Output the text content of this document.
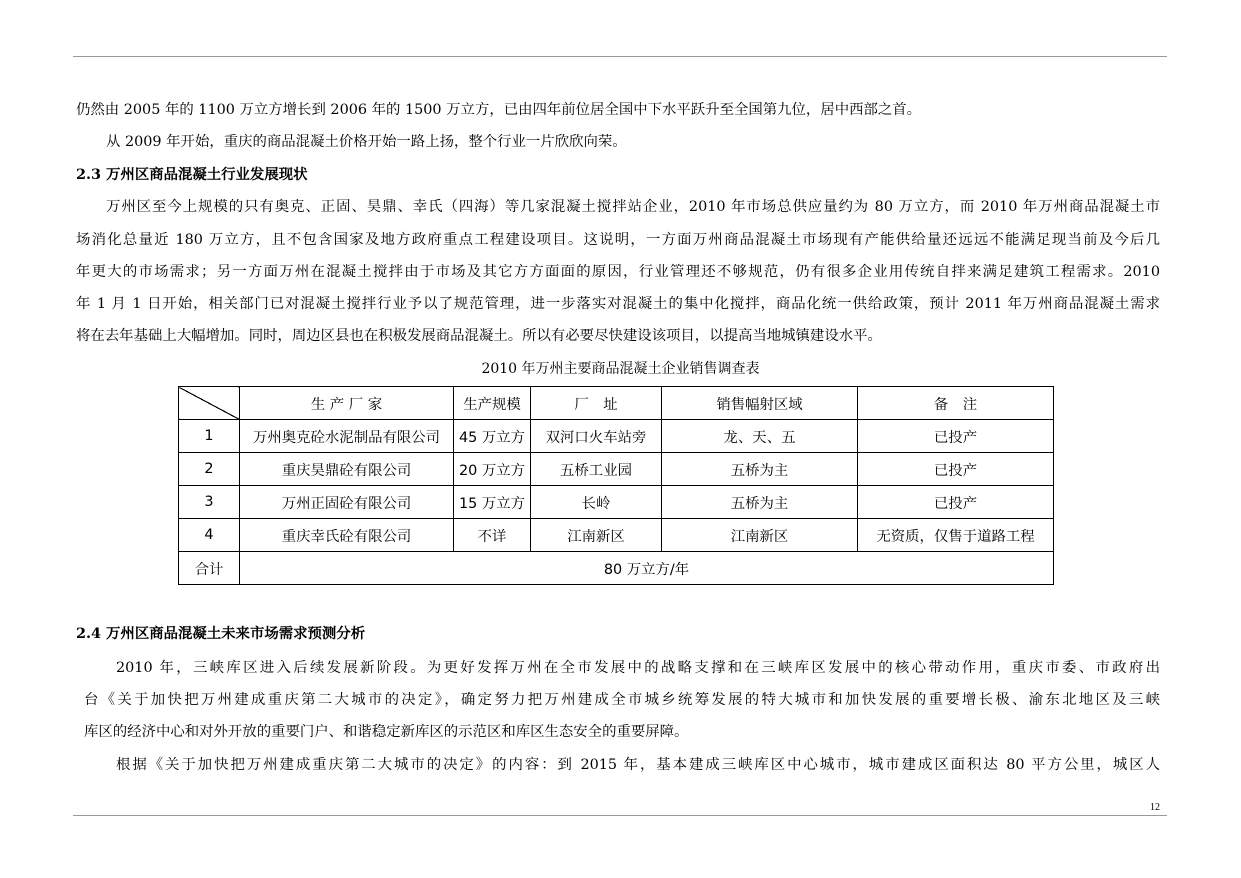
仍然由 2005 年的 1100 万立方增长到 2006 年的 1500 万立方，已由四年前位居全国中下水平跃升至全国第九位，居中西部之首。
从 2009 年开始，重庆的商品混凝土价格开始一路上扬，整个行业一片欣欣向荣。
2.3 万州区商品混凝土行业发展现状
万州区至今上规模的只有奥克、正固、昊鼎、幸氏（四海）等几家混凝土搅拌站企业，2010 年市场总供应量约为 80 万立方，而 2010 年万州商品混凝土市
场消化总量近 180 万立方，且不包含国家及地方政府重点工程建设项目。这说明，一方面万州商品混凝土市场现有产能供给量还远远不能满足现当前及今后几
年更大的市场需求；另一方面万州在混凝土搅拌由于市场及其它方方面面的原因，行业管理还不够规范，仍有很多企业用传统自拌来满足建筑工程需求。2010
年 1 月 1 日开始，相关部门已对混凝土搅拌行业予以了规范管理，进一步落实对混凝土的集中化搅拌，商品化统一供给政策，预计 2011 年万州商品混凝土需求
将在去年基础上大幅增加。同时，周边区县也在积极发展商品混凝土。所以有必要尽快建设该项目，以提高当地城镇建设水平。
2010 年万州主要商品混凝土企业销售调查表
	生 产 厂 家	生产规模	厂　址	销售幅射区域	备　注
1	万州奥克砼水泥制品有限公司	45 万立方	双河口火车站旁	龙、天、五	已投产
2	重庆昊鼎砼有限公司	20 万立方	五桥工业园	五桥为主	已投产
3	万州正固砼有限公司	15 万立方	长岭	五桥为主	已投产
4	重庆幸氏砼有限公司	不详	江南新区	江南新区	无资质，仅售于道路工程
合计	80 万立方/年				
2.4 万州区商品混凝土未来市场需求预测分析
2010 年，三峡库区进入后续发展新阶段。为更好发挥万州在全市发展中的战略支撑和在三峡库区发展中的核心带动作用，重庆市委、市政府出
台《关于加快把万州建成重庆第二大城市的决定》，确定努力把万州建成全市城乡统筹发展的特大城市和加快发展的重要增长极、渝东北地区及三峡
库区的经济中心和对外开放的重要门户、和谐稳定新库区的示范区和库区生态安全的重要屏障。
根据《关于加快把万州建成重庆第二大城市的决定》的内容：到 2015 年，基本建成三峡库区中心城市，城市建成区面积达 80 平方公里，城区人
12
